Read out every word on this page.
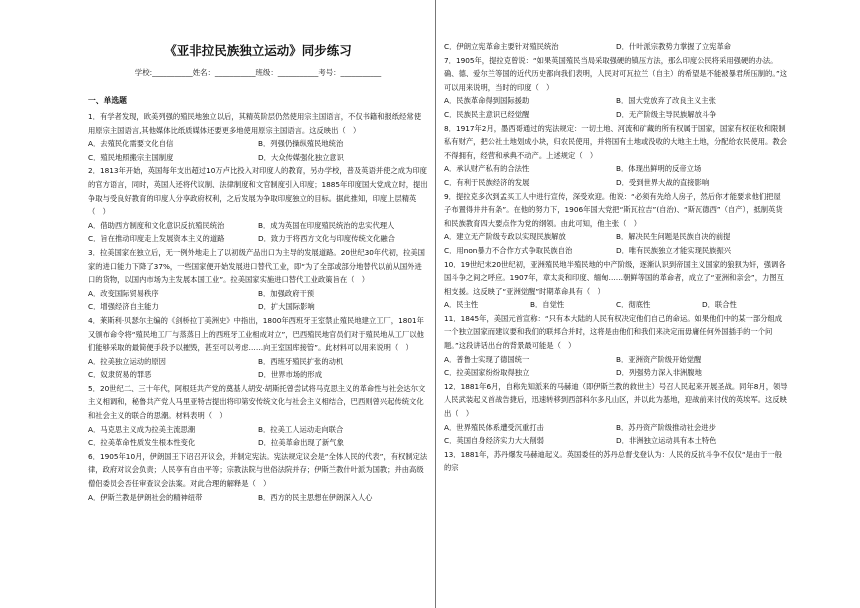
《亚非拉民族独立运动》同步练习
学校:___________姓名：___________班级：___________考号：___________
一、单选题

1．有学者发现，欧美列强的殖民地独立以后，其精英阶层仍然使用宗主国语言，不仅书籍和报纸经常使用原宗主国语言,其他媒体比纸质媒体还要更多地使用原宗主国语言。这反映出（　）

A．去殖民化需要文化自信	B．列强仍操纵殖民地统治
C．殖民地照搬宗主国制度	D．大众传媒强化独立意识

2．1813年开始，英国每年支出超过10万卢比投入对印度人的教育，另办学校，普及英语并使之成为印度的官方语言，同时，英国人还将代议制、法律制度和文官制度引入印度；1885年印度国大党成立时，提出争取与受良好教育的印度人分享政府权利，之后发展为争取印度独立的目标。据此推知，印度上层精英（　）

A．借助西方制度和文化意识反抗殖民统治	B．成为英国在印度殖民统治的忠实代理人
C．旨在推动印度走上发展资本主义的道路	D．致力于将西方文化与印度传统文化融合

3．拉美国家在独立后，无一例外地走上了以初级产品出口为主导的发展道路。20世纪30年代初，拉美国家的进口能力下降了37%，一些国家便开始发展进口替代工业，即“为了全部或部分地替代以前从国外进口的货物，以国内市场为主发展本国工业”。拉美国家实施进口替代工业政策旨在（　）

A．改变国际贸易秩序	B．加强政府干预
C．增强经济自主能力	D．扩大国际影响

4．莱斯利·贝瑟尔主编的《剑桥拉丁美洲史》中指出，1800年西班牙王室禁止殖民地建立工厂，1801年又颁布命令将“殖民地工厂与蒸蒸日上的西班牙工业相成对立”，巴西殖民地官员们对于殖民地从工厂以他们能够采取的最简便手段予以摧毁，甚至可以考虑……向王室国库接管”。此材料可以用来说明（　）

A．拉美独立运动的原因	B．西班牙殖民扩张的动机
C．奴隶贸易的罪恶	D．世界市场的形成

5．20世纪二、三十年代，阿根廷共产党的奠基人胡安·胡斯托曾尝试将马克思主义的革命性与社会达尔文主义相调和，秘鲁共产党人马里亚特吉提出将印第安传统文化与社会主义相结合，巴西则曾兴起传统文化和社会主义的联合的思潮。材料表明（　）

A．马克思主义成为拉美主流思潮	B．拉美工人运动走向联合
C．拉美革命性质发生根本性变化	D．拉美革命出现了新气象

6．1905年10月，伊朗国王下诏召开议会，并制定宪法。宪法规定议会是“全体人民的代表”，有权制定法律，政府对议会负责；人民享有自由平等；宗教法院与世俗法院并存；伊斯兰教什叶派为国教；并由高级僧侣委员会否任审查议会法案。对此合理的解释是（　）

A．伊斯兰教是伊朗社会的精神纽带	B．西方的民主思想在伊朗深入人心
C．伊朗立宪革命主要针对殖民统治	D．什叶派宗教势力掌握了立宪革命

7．1905年，提拉克曾说：“如果英国殖民当局采取强硬的镇压方法，那么印度公民将采用强硬的办法。确、德、爱尔兰等国的近代历史都向我们表明，人民对可瓦拉兰（自主）的希望是不能被暴君所压制的。”这可以用来说明，当时的印度（　）

A．民族革命得到国际援助	B．国大党放弃了改良主义主张
C．民族民主意识已经觉醒	D．无产阶级主导民族解放斗争

8．1917年2月，墨西哥通过的宪法规定：一切土地、河流和矿藏的所有权属于国家，国家有权征收和限制私有财产，把公社土地划成小块，归农民使用，并将国有土地或没收的大地主土地，分配给农民使用。教会不得拥有，经营和承典不动产。上述规定（　）

A．承认财产私有的合法性	B．体现出鲜明的反帝立场
C．有利于民族经济的发展	D．受到世界大战的直接影响

9．提拉克多次到孟买工人中进行宣传，深受欢迎。他说：“必须有先给人房子，然后你才能要求他们把屋子布置得井井有条”。在他的努力下，1906年国大党把“斯瓦拉吉”(自治)、“斯瓦德西”（自产），抵制英货和民族教育四大要点作为党的纲领。由此可知，他主张（　）

A．建立无产阶级专政以实现民族解放	B．解决民生问题是民族自决的前提
C．用non暴力不合作方式争取民族自治	D．唯有民族独立才能实现民族振兴

10．19世纪末20世纪初，亚洲殖民地半殖民地的中产阶级，逐渐认识到帝国主义国家的狼狈为奸，强调各国斗争之间之呼应。1907年，章太炎和印度、缅甸……朝鲜等国的革命者，成立了“亚洲和亲会”，力图互相支援。这反映了“亚洲觉醒”时期革命具有（　）

A．民主性	B．自觉性	C．彻底性	D．联合性

11．1845年，美国元首宣称：“只有本大陆的人民有权决定他们自己的命运。如果他们中的某一部分组成一个独立国家而建议要和我们的联邦合并时，这将是由他们和我们来决定而毋庸任何外国插手的一个问题。”这段讲话出台的背景最可能是（　）

A．普鲁士实现了德国统一	B．亚洲资产阶级开始觉醒
C．拉美国家纷纷取得独立	D．列强势力深入非洲腹地

12．1881年6月，自称先知派来的马赫迪（即伊斯兰教的救世主）号召人民起来开展圣战。同年8月，领导人民武装起义首战告捷后，迅速转移到西部科尔多凡山区，并以此为基地，迎战前来讨伐的英埃军。这反映出（　）

A．世界殖民体系遭受沉重打击	B．苏丹资产阶级推动社会进步
C．英国自身经济实力大大削弱	D．非洲独立运动具有本土特色

13．1881年，苏丹爆发马赫迪起义。英国委任的苏丹总督戈登认为：人民的反抗斗争不仅仅“是由于一般的宗
